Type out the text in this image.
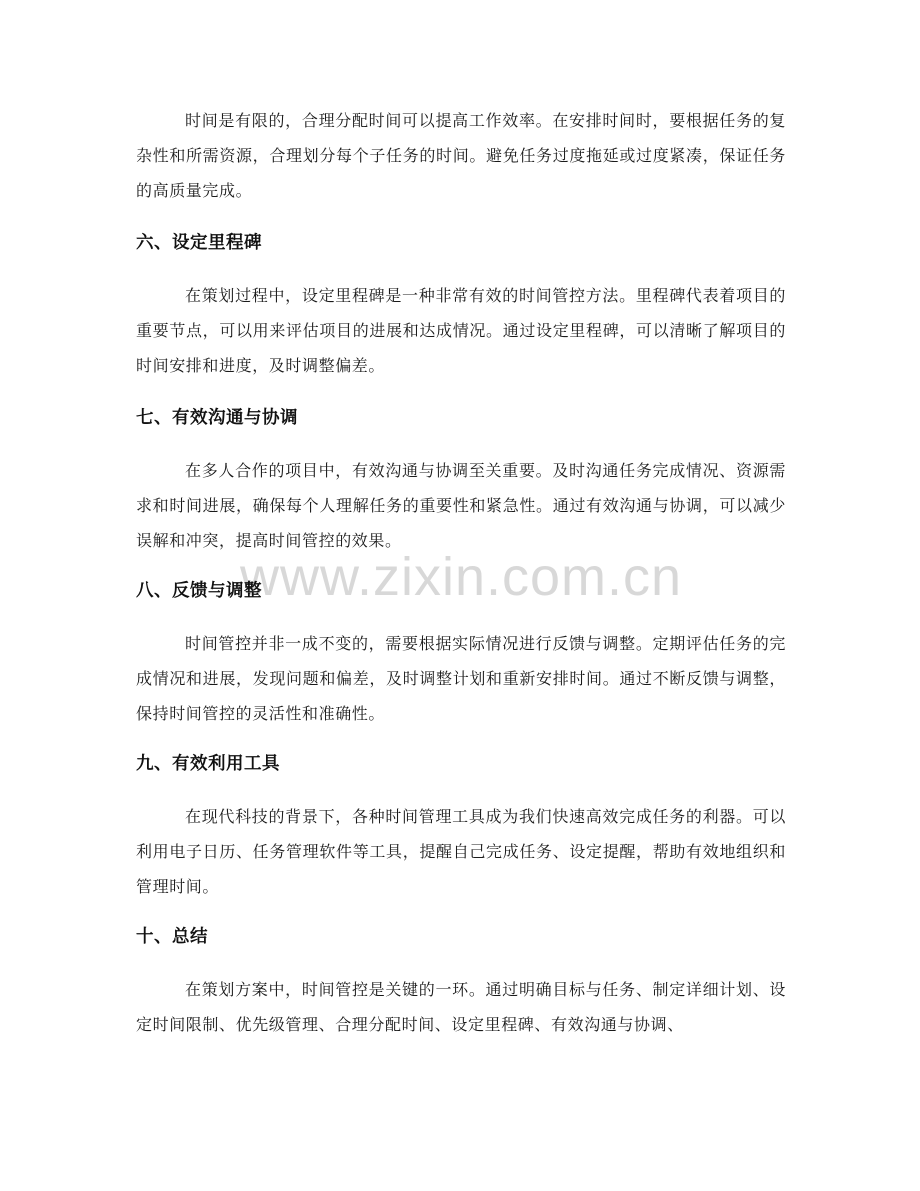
www.zixin.com.cn

时间是有限的，合理分配时间可以提高工作效率。在安排时间时，要根据任务的复杂性和所需资源，合理划分每个子任务的时间。避免任务过度拖延或过度紧凑，保证任务的高质量完成。

六、设定里程碑

在策划过程中，设定里程碑是一种非常有效的时间管控方法。里程碑代表着项目的重要节点，可以用来评估项目的进展和达成情况。通过设定里程碑，可以清晰了解项目的时间安排和进度，及时调整偏差。

七、有效沟通与协调

在多人合作的项目中，有效沟通与协调至关重要。及时沟通任务完成情况、资源需求和时间进展，确保每个人理解任务的重要性和紧急性。通过有效沟通与协调，可以减少误解和冲突，提高时间管控的效果。

八、反馈与调整

时间管控并非一成不变的，需要根据实际情况进行反馈与调整。定期评估任务的完成情况和进展，发现问题和偏差，及时调整计划和重新安排时间。通过不断反馈与调整，保持时间管控的灵活性和准确性。

九、有效利用工具

在现代科技的背景下，各种时间管理工具成为我们快速高效完成任务的利器。可以利用电子日历、任务管理软件等工具，提醒自己完成任务、设定提醒，帮助有效地组织和管理时间。

十、总结

在策划方案中，时间管控是关键的一环。通过明确目标与任务、制定详细计划、设定时间限制、优先级管理、合理分配时间、设定里程碑、有效沟通与协调、
